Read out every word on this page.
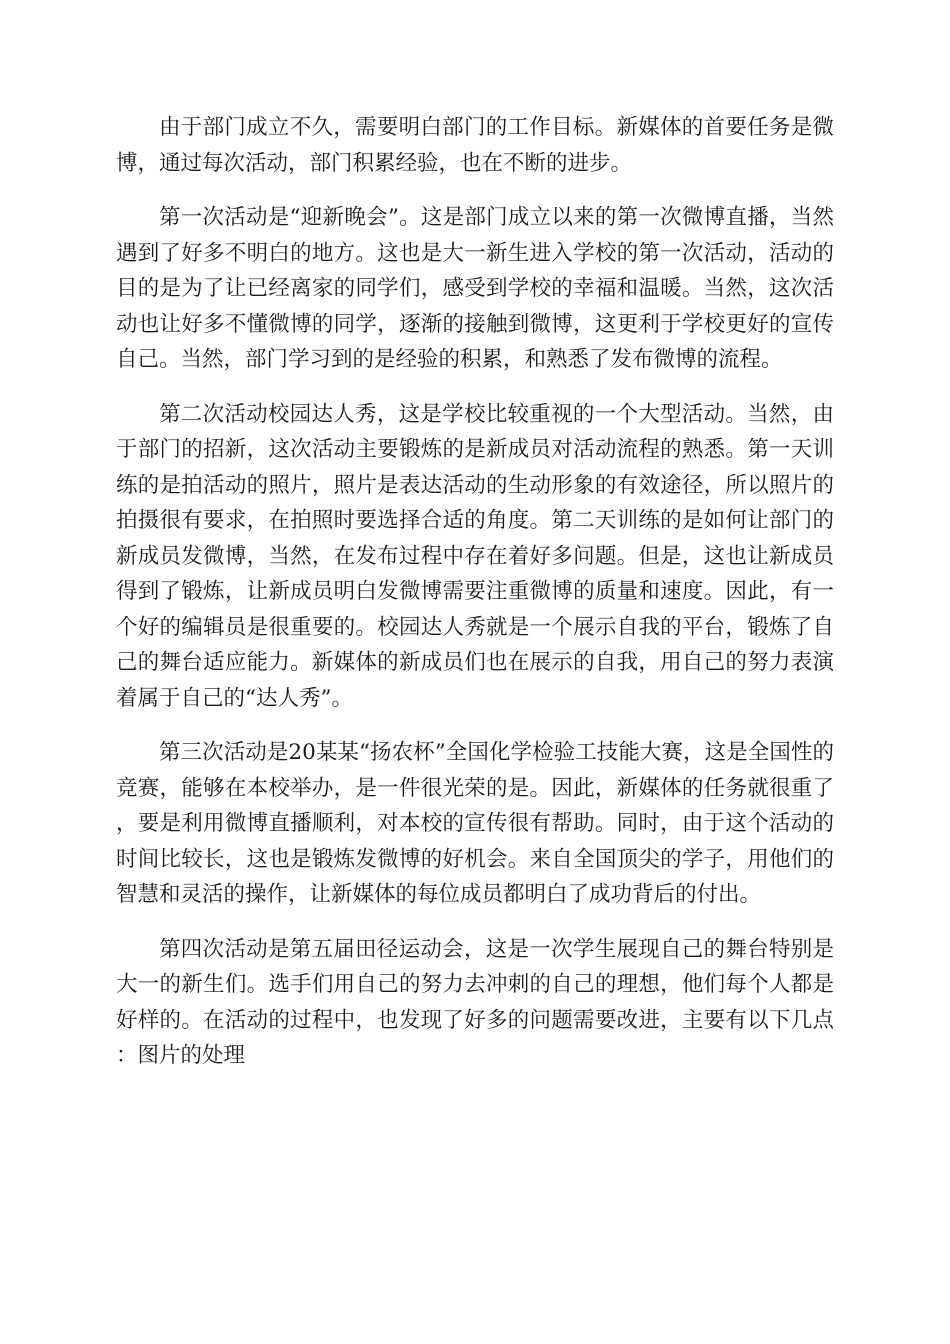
由于部门成立不久，需要明白部门的工作目标。新媒体的首要任务是微博，通过每次活动，部门积累经验，也在不断的进步。

第一次活动是“迎新晚会”。这是部门成立以来的第一次微博直播，当然遇到了好多不明白的地方。这也是大一新生进入学校的第一次活动，活动的目的是为了让已经离家的同学们，感受到学校的幸福和温暖。当然，这次活动也让好多不懂微博的同学，逐渐的接触到微博，这更利于学校更好的宣传自己。当然，部门学习到的是经验的积累，和熟悉了发布微博的流程。

第二次活动校园达人秀，这是学校比较重视的一个大型活动。当然，由于部门的招新，这次活动主要锻炼的是新成员对活动流程的熟悉。第一天训练的是拍活动的照片，照片是表达活动的生动形象的有效途径，所以照片的拍摄很有要求，在拍照时要选择合适的角度。第二天训练的是如何让部门的新成员发微博，当然，在发布过程中存在着好多问题。但是，这也让新成员得到了锻炼，让新成员明白发微博需要注重微博的质量和速度。因此，有一个好的编辑员是很重要的。校园达人秀就是一个展示自我的平台，锻炼了自己的舞台适应能力。新媒体的新成员们也在展示的自我，用自己的努力表演着属于自己的“达人秀”。

第三次活动是20某某“扬农杯”全国化学检验工技能大赛，这是全国性的竞赛，能够在本校举办，是一件很光荣的是。因此，新媒体的任务就很重了，要是利用微博直播顺利，对本校的宣传很有帮助。同时，由于这个活动的时间比较长，这也是锻炼发微博的好机会。来自全国顶尖的学子，用他们的智慧和灵活的操作，让新媒体的每位成员都明白了成功背后的付出。

第四次活动是第五届田径运动会，这是一次学生展现自己的舞台特别是大一的新生们。选手们用自己的努力去冲刺的自己的理想，他们每个人都是好样的。在活动的过程中，也发现了好多的问题需要改进，主要有以下几点：图片的处理
